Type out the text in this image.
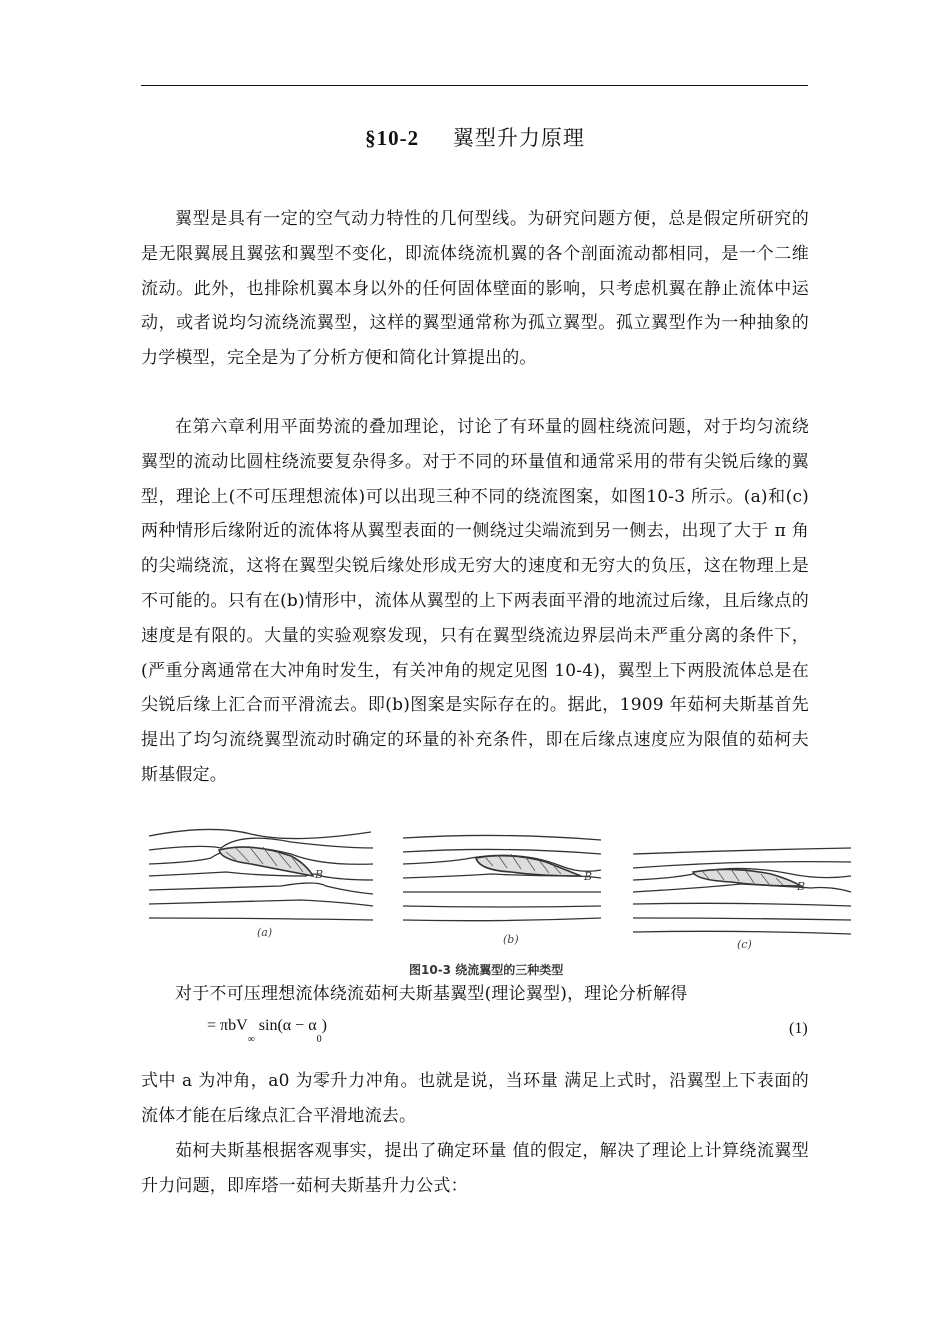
§10-2 翼型升力原理

翼型是具有一定的空气动力特性的几何型线。为研究问题方便，总是假定所研究的是无限翼展且翼弦和翼型不变化，即流体绕流机翼的各个剖面流动都相同，是一个二维流动。此外，也排除机翼本身以外的任何固体壁面的影响，只考虑机翼在静止流体中运动，或者说均匀流绕流翼型，这样的翼型通常称为孤立翼型。孤立翼型作为一种抽象的力学模型，完全是为了分析方便和简化计算提出的。

在第六章利用平面势流的叠加理论，讨论了有环量的圆柱绕流问题，对于均匀流绕翼型的流动比圆柱绕流要复杂得多。对于不同的环量值和通常采用的带有尖锐后缘的翼型，理论上(不可压理想流体)可以出现三种不同的绕流图案，如图10-3 所示。(a)和(c)两种情形后缘附近的流体将从翼型表面的一侧绕过尖端流到另一侧去，出现了大于 π 角的尖端绕流，这将在翼型尖锐后缘处形成无穷大的速度和无穷大的负压，这在物理上是不可能的。只有在(b)情形中，流体从翼型的上下两表面平滑的地流过后缘，且后缘点的速度是有限的。大量的实验观察发现，只有在翼型绕流边界层尚未严重分离的条件下，(严重分离通常在大冲角时发生，有关冲角的规定见图 10-4)，翼型上下两股流体总是在尖锐后缘上汇合而平滑流去。即(b)图案是实际存在的。据此，1909 年茹柯夫斯基首先提出了均匀流绕翼型流动时确定的环量的补充条件，即在后缘点速度应为限值的茹柯夫斯基假定。

(a)
(b)	(c)
B	B
B
图10-3 绕流翼型的三种类型

对于不可压理想流体绕流茹柯夫斯基翼型(理论翼型)，理论分析解得

= πbV$_\infty$ $\sin(\alpha - \alpha_0)$	(1)

式中 a 为冲角，a0 为零升力冲角。也就是说，当环量 满足上式时，沿翼型上下表面的流体才能在后缘点汇合平滑地流去。

茹柯夫斯基根据客观事实，提出了确定环量 值的假定，解决了理论上计算绕流翼型升力问题，即库塔一茹柯夫斯基升力公式：
